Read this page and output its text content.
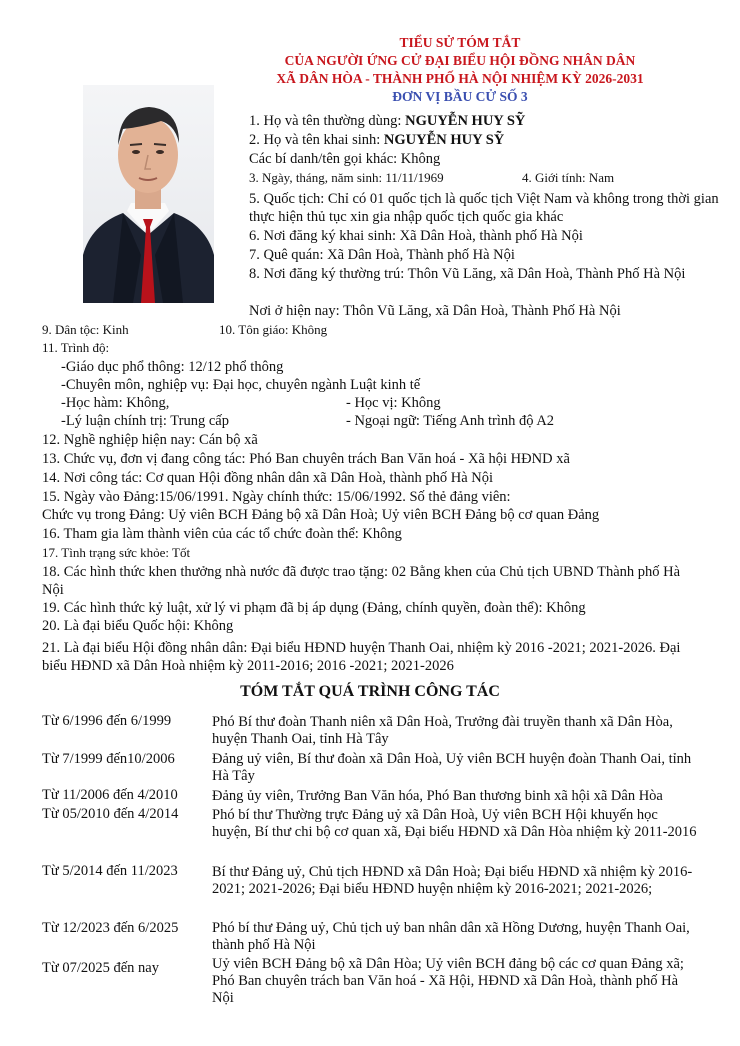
TIỂU SỬ TÓM TẮT
CỦA NGƯỜI ỨNG CỬ ĐẠI BIỂU HỘI ĐỒNG NHÂN DÂN
XÃ DÂN HÒA - THÀNH PHỐ HÀ NỘI NHIỆM KỲ 2026-2031
ĐƠN VỊ BẦU CỬ SỐ 3
1. Họ và tên thường dùng: NGUYỄN HUY SỸ
2. Họ và tên khai sinh: NGUYỄN HUY SỸ
Các bí danh/tên gọi khác: Không
3. Ngày, tháng, năm sinh: 11/11/1969	4. Giới tính: Nam
5. Quốc tịch: Chỉ có 01 quốc tịch là quốc tịch Việt Nam và không trong thời gian thực hiện thủ tục xin gia nhập quốc tịch quốc gia khác
6. Nơi đăng ký khai sinh: Xã Dân Hoà, thành phố Hà Nội
7. Quê quán: Xã Dân Hoà, Thành phố Hà Nội
8. Nơi đăng ký thường trú: Thôn Vũ Lăng, xã Dân Hoà, Thành Phố Hà Nội
Nơi ở hiện nay: Thôn Vũ Lăng, xã Dân Hoà, Thành Phố Hà Nội
9. Dân tộc: Kinh	10. Tôn giáo: Không
11. Trình độ:
-Giáo dục phổ thông: 12/12 phổ thông
-Chuyên môn, nghiệp vụ: Đại học, chuyên ngành Luật kinh tế
-Học hàm: Không,	- Học vị: Không
-Lý luận chính trị: Trung cấp	- Ngoại ngữ: Tiếng Anh trình độ A2
12. Nghề nghiệp hiện nay: Cán bộ xã
13. Chức vụ, đơn vị đang công tác: Phó Ban chuyên trách Ban Văn hoá - Xã hội HĐND xã
14. Nơi công tác: Cơ quan Hội đồng nhân dân xã Dân Hoà, thành phố Hà Nội
15. Ngày vào Đảng:15/06/1991. Ngày chính thức: 15/06/1992. Số thẻ đảng viên:
Chức vụ trong Đảng: Uỷ viên BCH Đảng bộ xã Dân Hoà; Uỷ viên BCH Đảng bộ cơ quan Đảng
16. Tham gia làm thành viên của các tổ chức đoàn thể: Không
17. Tình trạng sức khỏe: Tốt
18. Các hình thức khen thưởng nhà nước đã được trao tặng: 02 Bằng khen của Chủ tịch UBND Thành phố Hà Nội
19. Các hình thức kỷ luật, xử lý vi phạm đã bị áp dụng (Đảng, chính quyền, đoàn thể): Không
20. Là đại biểu Quốc hội: Không
21. Là đại biểu Hội đồng nhân dân: Đại biểu HĐND huyện Thanh Oai, nhiệm kỳ 2016 -2021; 2021-2026. Đại biểu HĐND xã Dân Hoà nhiệm kỳ 2011-2016; 2016 -2021; 2021-2026
TÓM TẮT QUÁ TRÌNH CÔNG TÁC
Từ 6/1996 đến 6/1999	Phó Bí thư đoàn Thanh niên xã Dân Hoà, Trưởng đài truyền thanh xã Dân Hòa, huyện Thanh Oai, tỉnh Hà Tây
Từ 7/1999 đến10/2006	Đảng uỷ viên, Bí thư đoàn xã Dân Hoà, Uỷ viên BCH huyện đoàn Thanh Oai, tỉnh Hà Tây
Từ 11/2006 đến 4/2010 Đảng ủy viên, Trưởng Ban Văn hóa, Phó Ban thương binh xã hội xã Dân Hòa
Từ 05/2010 đến 4/2014 Phó bí thư Thường trực Đảng uỷ xã Dân Hoà, Uỷ viên BCH Hội khuyến học huyện, Bí thư chi bộ cơ quan xã, Đại biểu HĐND xã Dân Hòa nhiệm kỳ 2011-2016
Từ 5/2014 đến 11/2023 Bí thư Đảng uỷ, Chủ tịch HĐND xã Dân Hoà; Đại biểu HĐND xã nhiệm kỳ 2016-2021; 2021-2026; Đại biểu HĐND huyện nhiệm kỳ 2016-2021; 2021-2026;
Từ 12/2023 đến 6/2025 Phó bí thư Đảng uỷ, Chủ tịch uỷ ban nhân dân xã Hồng Dương, huyện Thanh Oai, thành phố Hà Nội
Từ 07/2025 đến nay	Uỷ viên BCH Đảng bộ xã Dân Hòa; Uỷ viên BCH đảng bộ các cơ quan Đảng xã; Phó Ban chuyên trách ban Văn hoá - Xã Hội, HĐND xã Dân Hoà, thành phố Hà Nội
